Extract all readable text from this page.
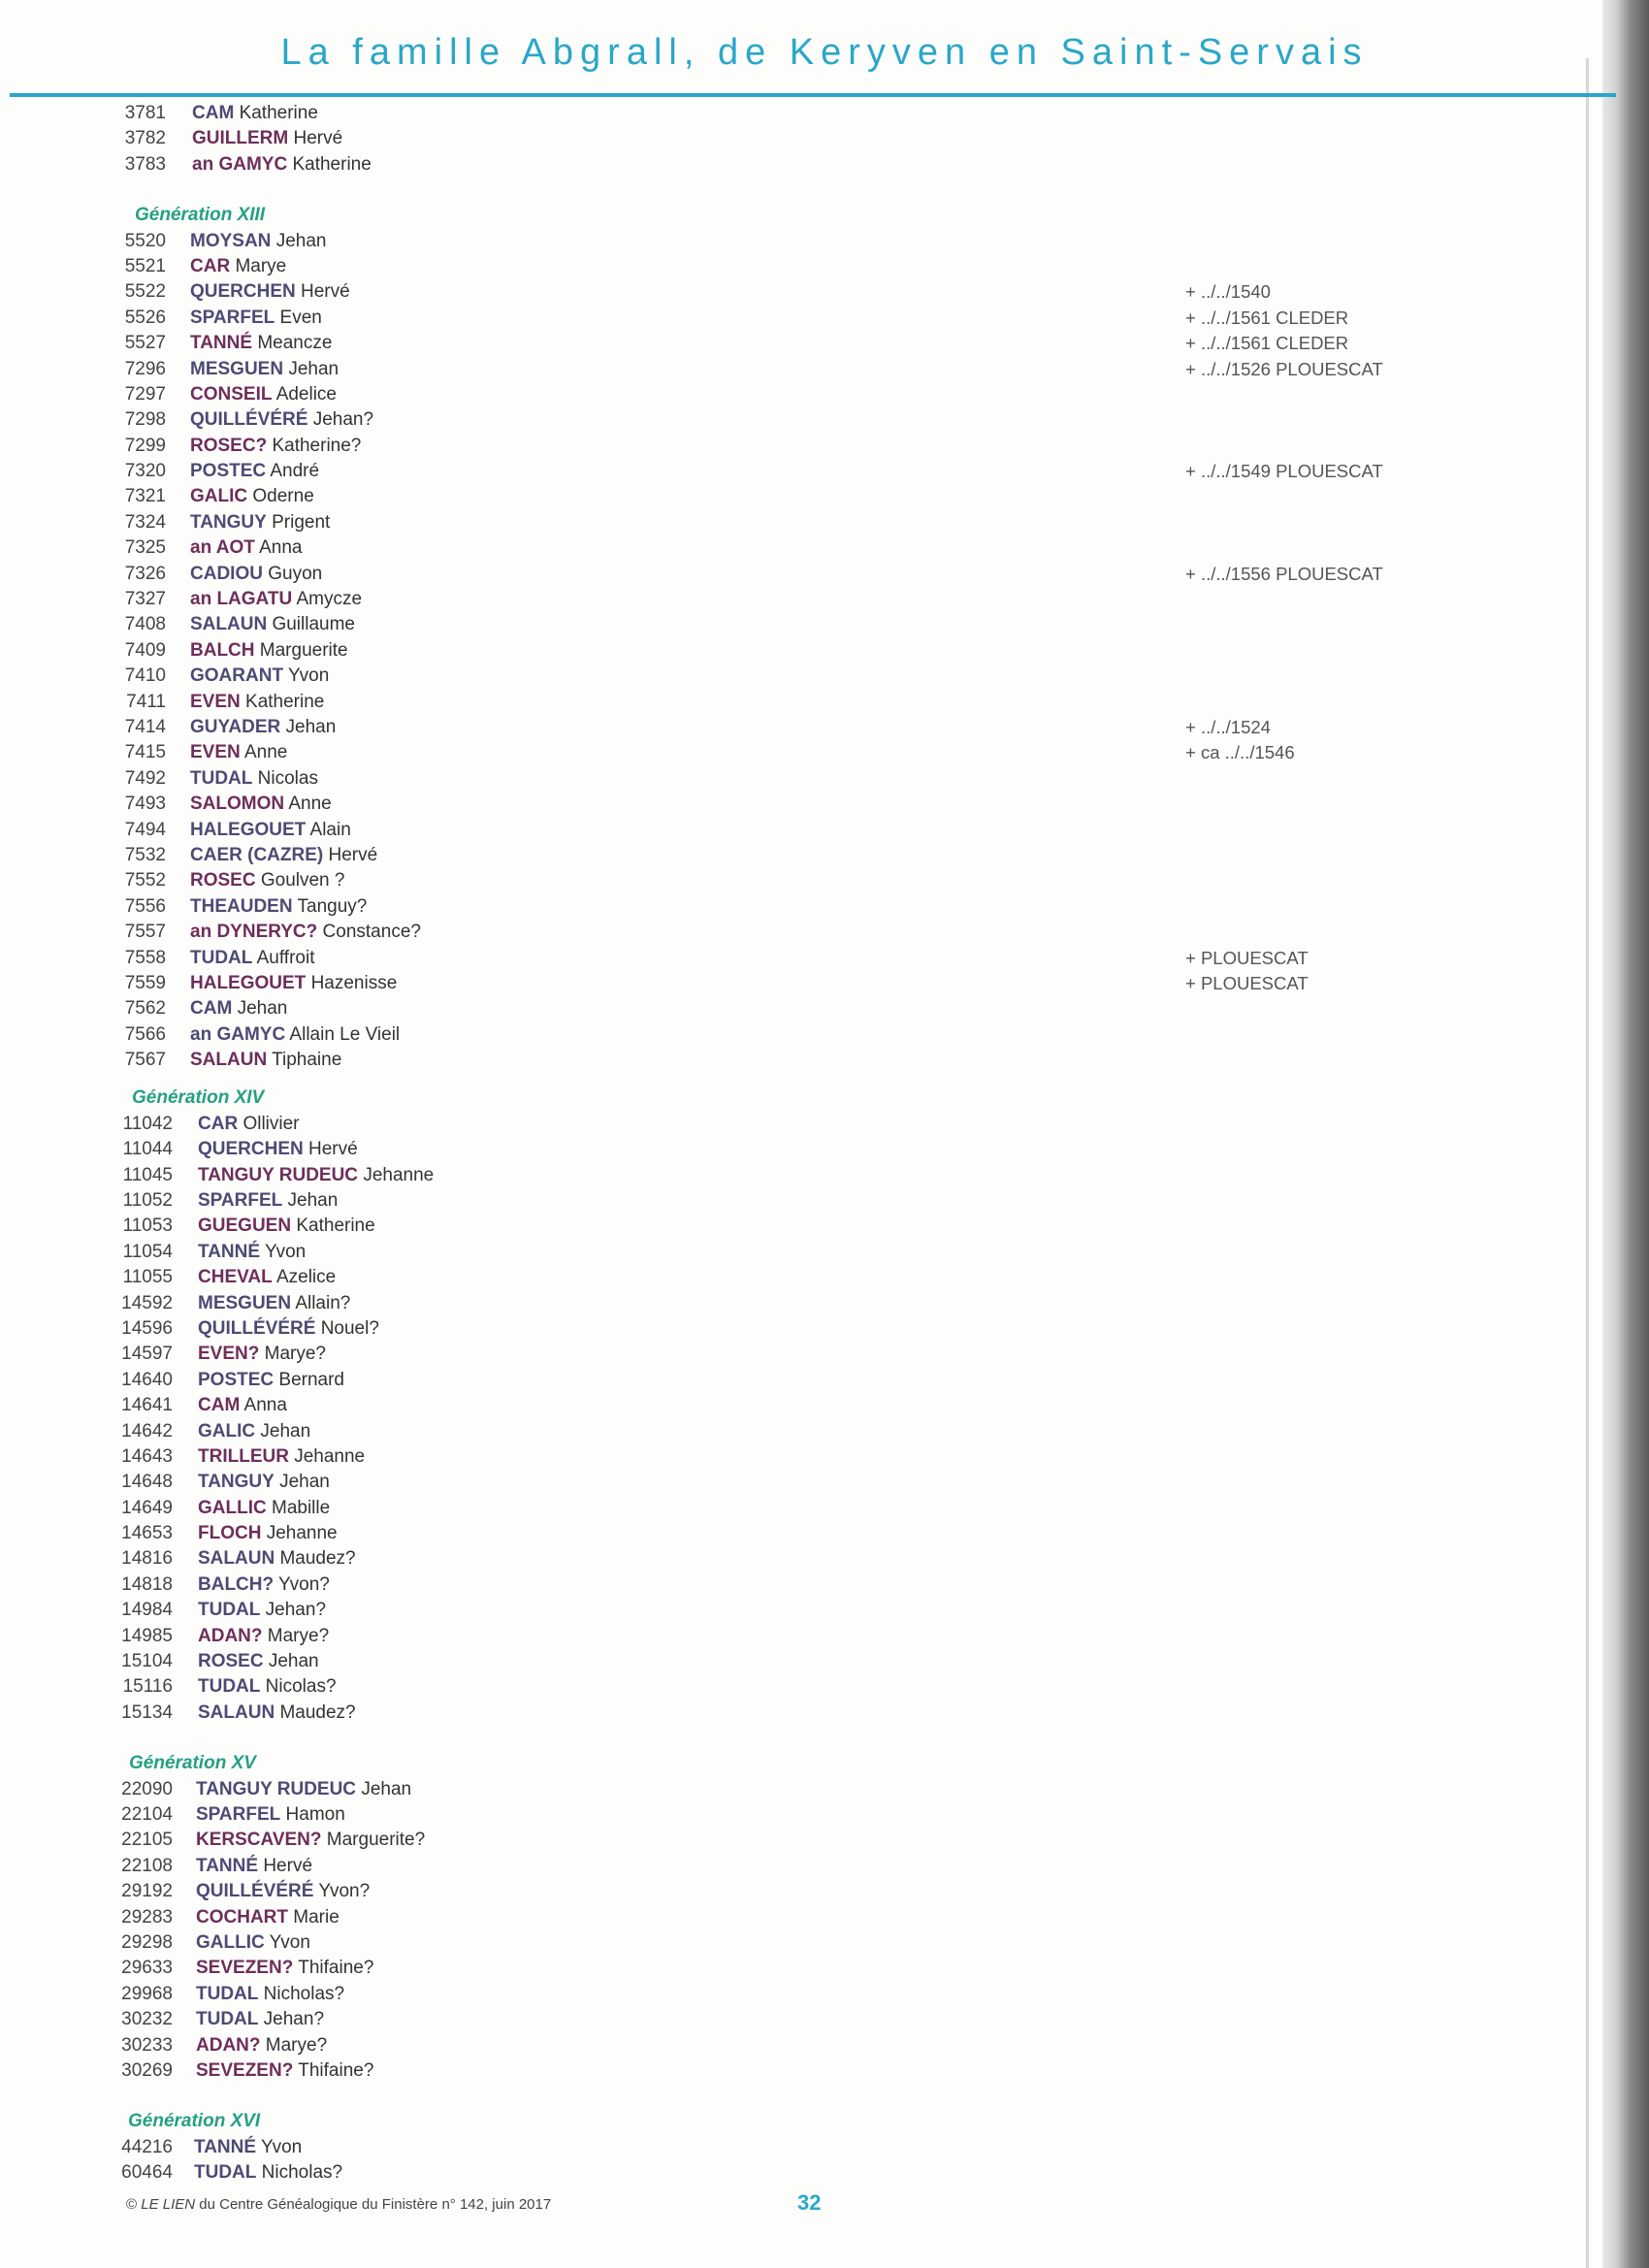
La famille Abgrall, de Keryven en Saint-Servais
3781 CAM Katherine
3782 GUILLERM Hervé
3783 an GAMYC Katherine
Génération XIII
5520 MOYSAN Jehan
5521 CAR Marye
5522 QUERCHEN Hervé	+ ../../1540
5526 SPARFEL Even	+ ../../1561 CLEDER
5527 TANNÉ Meancze	+ ../../1561 CLEDER
7296 MESGUEN Jehan	+ ../../1526 PLOUESCAT
7297 CONSEIL Adelice
7298 QUILLÉVÉRÉ Jehan?
7299 ROSEC? Katherine?
7320 POSTEC André	+ ../../1549 PLOUESCAT
7321 GALIC Oderne
7324 TANGUY Prigent
7325 an AOT Anna
7326 CADIOU Guyon	+ ../../1556 PLOUESCAT
7327 an LAGATU Amycze
7408 SALAUN Guillaume
7409 BALCH Marguerite
7410 GOARANT Yvon
7411 EVEN Katherine
7414 GUYADER Jehan	+ ../../1524
7415 EVEN Anne	+ ca ../../1546
7492 TUDAL Nicolas
7493 SALOMON Anne
7494 HALEGOUET Alain
7532 CAER (CAZRE) Hervé
7552 ROSEC Goulven ?
7556 THEAUDEN Tanguy?
7557 an DYNERYC? Constance?
7558 TUDAL Auffroit	+ PLOUESCAT
7559 HALEGOUET Hazenisse	+ PLOUESCAT
7562 CAM Jehan
7566 an GAMYC Allain Le Vieil
7567 SALAUN Tiphaine
Génération XIV
11042 CAR Ollivier
11044 QUERCHEN Hervé
11045 TANGUY RUDEUC Jehanne
11052 SPARFEL Jehan
11053 GUEGUEN Katherine
11054 TANNÉ Yvon
11055 CHEVAL Azelice
14592 MESGUEN Allain?
14596 QUILLÉVÉRÉ Nouel?
14597 EVEN? Marye?
14640 POSTEC Bernard
14641 CAM Anna
14642 GALIC Jehan
14643 TRILLEUR Jehanne
14648 TANGUY Jehan
14649 GALLIC Mabille
14653 FLOCH Jehanne
14816 SALAUN Maudez?
14818 BALCH? Yvon?
14984 TUDAL Jehan?
14985 ADAN? Marye?
15104 ROSEC Jehan
15116 TUDAL Nicolas?
15134 SALAUN Maudez?
Génération XV
22090 TANGUY RUDEUC Jehan
22104 SPARFEL Hamon
22105 KERSCAVEN? Marguerite?
22108 TANNÉ Hervé
29192 QUILLÉVÉRÉ Yvon?
29283 COCHART Marie
29298 GALLIC Yvon
29633 SEVEZEN? Thifaine?
29968 TUDAL Nicholas?
30232 TUDAL Jehan?
30233 ADAN? Marye?
30269 SEVEZEN? Thifaine?
Génération XVI
44216 TANNÉ Yvon
60464 TUDAL Nicholas?
© LE LIEN du Centre Généalogique du Finistère n° 142, juin 2017	32
